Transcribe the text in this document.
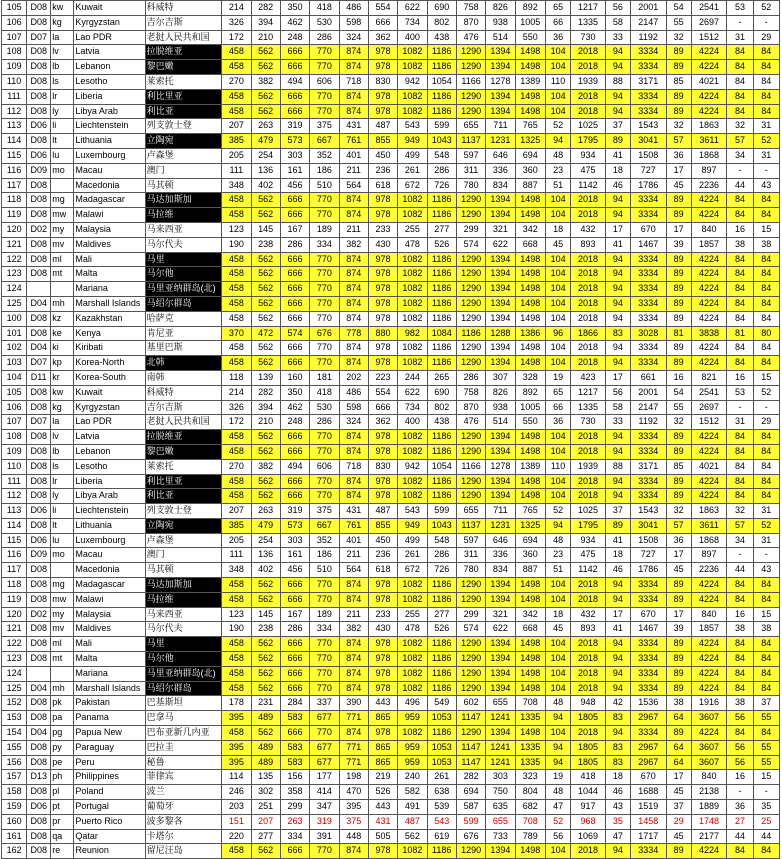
105	D08	kw	Kuwait	科威特	214	282	350	418	486	554	622	690	758	826	892	65	1217	56	2001	54	2541	53	52
106	D08	kg	Kyrgyzstan	吉尔吉斯	326	394	462	530	598	666	734	802	870	938	1005	66	1335	58	2147	55	2697	-	-
107	D07	la	Lao PDR	老挝人民共和国	172	210	248	286	324	362	400	438	476	514	550	36	730	33	1192	32	1512	31	29
108	D08	lv	Latvia	拉脱维亚	458	562	666	770	874	978	1082	1186	1290	1394	1498	104	2018	94	3334	89	4224	84	84
109	D08	lb	Lebanon	黎巴嫩	458	562	666	770	874	978	1082	1186	1290	1394	1498	104	2018	94	3334	89	4224	84	84
110	D08	ls	Lesotho	莱索托	270	382	494	606	718	830	942	1054	1166	1278	1389	110	1939	88	3171	85	4021	84	84
111	D08	lr	Liberia	利比里亚	458	562	666	770	874	978	1082	1186	1290	1394	1498	104	2018	94	3334	89	4224	84	84
112	D08	ly	Libya Arab	利比亚	458	562	666	770	874	978	1082	1186	1290	1394	1498	104	2018	94	3334	89	4224	84	84
113	D06	li	Liechtenstein	列支敦士登	207	263	319	375	431	487	543	599	655	711	765	52	1025	37	1543	32	1863	32	31
114	D08	lt	Lithuania	立陶宛	385	479	573	667	761	855	949	1043	1137	1231	1325	94	1795	89	3041	57	3611	57	52
115	D06	lu	Luxembourg	卢森堡	205	254	303	352	401	450	499	548	597	646	694	48	934	41	1508	36	1868	34	31
116	D09	mo	Macau	澳门	111	136	161	186	211	236	261	286	311	336	360	23	475	18	727	17	897	-	-
117	D08		Macedonia	马其顿	348	402	456	510	564	618	672	726	780	834	887	51	1142	46	1786	45	2236	44	43
118	D08	mg	Madagascar	马达加斯加	458	562	666	770	874	978	1082	1186	1290	1394	1498	104	2018	94	3334	89	4224	84	84
119	D08	mw	Malawi	马拉维	458	562	666	770	874	978	1082	1186	1290	1394	1498	104	2018	94	3334	89	4224	84	84
120	D02	my	Malaysia	马来西亚	123	145	167	189	211	233	255	277	299	321	342	18	432	17	670	17	840	16	15
121	D08	mv	Maldives	马尔代夫	190	238	286	334	382	430	478	526	574	622	668	45	893	41	1467	39	1857	38	38
122	D08	ml	Mali	马里	458	562	666	770	874	978	1082	1186	1290	1394	1498	104	2018	94	3334	89	4224	84	84
123	D08	mt	Malta	马尔他	458	562	666	770	874	978	1082	1186	1290	1394	1498	104	2018	94	3334	89	4224	84	84
124			Mariana	马里亚纳群岛(北)	458	562	666	770	874	978	1082	1186	1290	1394	1498	104	2018	94	3334	89	4224	84	84
125	D04	mh	Marshall Islands	马绍尔群岛	458	562	666	770	874	978	1082	1186	1290	1394	1498	104	2018	94	3334	89	4224	84	84
100	D08	kz	Kazakhstan	哈萨克	458	562	666	770	874	978	1082	1186	1290	1394	1498	104	2018	94	3334	89	4224	84	84
101	D08	ke	Kenya	肯尼亚	370	472	574	676	778	880	982	1084	1186	1288	1386	96	1866	83	3028	81	3838	81	80
102	D04	ki	Kiribati	基里巴斯	458	562	666	770	874	978	1082	1186	1290	1394	1498	104	2018	94	3334	89	4224	84	84
103	D07	kp	Korea-North	北韩	458	562	666	770	874	978	1082	1186	1290	1394	1498	104	2018	94	3334	89	4224	84	84
104	D11	kr	Korea-South	南韩	118	139	160	181	202	223	244	265	286	307	328	19	423	17	661	16	821	16	15
105	D08	kw	Kuwait	科威特	214	282	350	418	486	554	622	690	758	826	892	65	1217	56	2001	54	2541	53	52
106	D08	kg	Kyrgyzstan	吉尔吉斯	326	394	462	530	598	666	734	802	870	938	1005	66	1335	58	2147	55	2697	-	-
107	D07	la	Lao PDR	老挝人民共和国	172	210	248	286	324	362	400	438	476	514	550	36	730	33	1192	32	1512	31	29
108	D08	lv	Latvia	拉脱维亚	458	562	666	770	874	978	1082	1186	1290	1394	1498	104	2018	94	3334	89	4224	84	84
109	D08	lb	Lebanon	黎巴嫩	458	562	666	770	874	978	1082	1186	1290	1394	1498	104	2018	94	3334	89	4224	84	84
110	D08	ls	Lesotho	莱索托	270	382	494	606	718	830	942	1054	1166	1278	1389	110	1939	88	3171	85	4021	84	84
111	D08	lr	Liberia	利比里亚	458	562	666	770	874	978	1082	1186	1290	1394	1498	104	2018	94	3334	89	4224	84	84
112	D08	ly	Libya Arab	利比亚	458	562	666	770	874	978	1082	1186	1290	1394	1498	104	2018	94	3334	89	4224	84	84
113	D06	li	Liechtenstein	列支敦士登	207	263	319	375	431	487	543	599	655	711	765	52	1025	37	1543	32	1863	32	31
114	D08	lt	Lithuania	立陶宛	385	479	573	667	761	855	949	1043	1137	1231	1325	94	1795	89	3041	57	3611	57	52
115	D06	lu	Luxembourg	卢森堡	205	254	303	352	401	450	499	548	597	646	694	48	934	41	1508	36	1868	34	31
116	D09	mo	Macau	澳门	111	136	161	186	211	236	261	286	311	336	360	23	475	18	727	17	897	-	-
117	D08		Macedonia	马其顿	348	402	456	510	564	618	672	726	780	834	887	51	1142	46	1786	45	2236	44	43
118	D08	mg	Madagascar	马达加斯加	458	562	666	770	874	978	1082	1186	1290	1394	1498	104	2018	94	3334	89	4224	84	84
119	D08	mw	Malawi	马拉维	458	562	666	770	874	978	1082	1186	1290	1394	1498	104	2018	94	3334	89	4224	84	84
120	D02	my	Malaysia	马来西亚	123	145	167	189	211	233	255	277	299	321	342	18	432	17	670	17	840	16	15
121	D08	mv	Maldives	马尔代夫	190	238	286	334	382	430	478	526	574	622	668	45	893	41	1467	39	1857	38	38
122	D08	ml	Mali	马里	458	562	666	770	874	978	1082	1186	1290	1394	1498	104	2018	94	3334	89	4224	84	84
123	D08	mt	Malta	马尔他	458	562	666	770	874	978	1082	1186	1290	1394	1498	104	2018	94	3334	89	4224	84	84
124			Mariana	马里亚纳群岛(北)	458	562	666	770	874	978	1082	1186	1290	1394	1498	104	2018	94	3334	89	4224	84	84
125	D04	mh	Marshall Islands	马绍尔群岛	458	562	666	770	874	978	1082	1186	1290	1394	1498	104	2018	94	3334	89	4224	84	84
152	D08	pk	Pakistan	巴基斯坦	178	231	284	337	390	443	496	549	602	655	708	48	948	42	1536	38	1916	38	37
153	D08	pa	Panama	巴拿马	395	489	583	677	771	865	959	1053	1147	1241	1335	94	1805	83	2967	64	3607	56	55
154	D04	pg	Papua New	巴布亚新几内亚	458	562	666	770	874	978	1082	1186	1290	1394	1498	104	2018	94	3334	89	4224	84	84
155	D08	py	Paraguay	巴拉圭	395	489	583	677	771	865	959	1053	1147	1241	1335	94	1805	83	2967	64	3607	56	55
156	D08	pe	Peru	秘鲁	395	489	583	677	771	865	959	1053	1147	1241	1335	94	1805	83	2967	64	3607	56	55
157	D13	ph	Philippines	菲律宾	114	135	156	177	198	219	240	261	282	303	323	19	418	18	670	17	840	16	15
158	D08	pl	Poland	波兰	246	302	358	414	470	526	582	638	694	750	804	48	1044	46	1688	45	2138	-	-
159	D06	pt	Portugal	葡萄牙	203	251	299	347	395	443	491	539	587	635	682	47	917	43	1519	37	1889	36	35
160	D08	pr	Puerto Rico	波多黎各	151	207	263	319	375	431	487	543	599	655	708	52	968	35	1458	29	1748	27	25
161	D08	qa	Qatar	卡塔尔	220	277	334	391	448	505	562	619	676	733	789	56	1069	47	1717	45	2177	44	44
162	D08	re	Reunion	留尼汪岛	458	562	666	770	874	978	1082	1186	1290	1394	1498	104	2018	94	3334	89	4224	84	84
